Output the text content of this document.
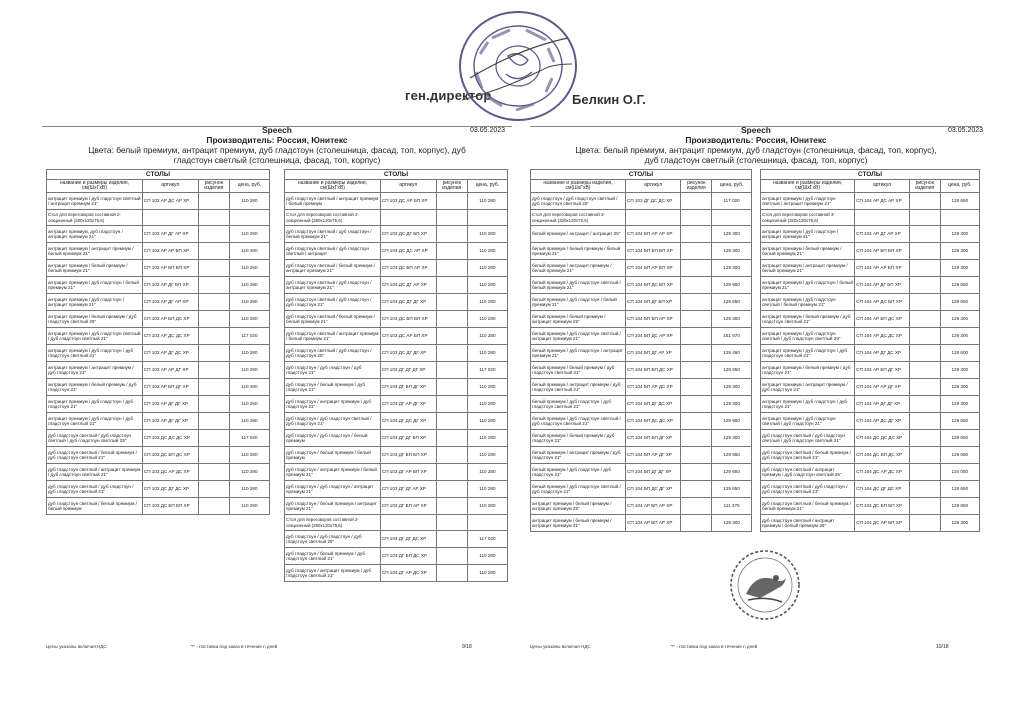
ген.директор	Белкин О.Г.
Speech
Производитель: Россия, Юнитекс
Цвета: белый премиум, антрацит премиум, дуб гладстоун (столешница, фасад, топ, корпус), дуб гладстоун светлый (столешница, фасад, топ, корпус)
03.05.2023
СТОЛЫ			
название и размеры изделия, см(ШхГхВ)	артикул	рисунок изделия	цена, руб.
антрацит премиум / дуб гладстоун светлый / антрацит премиум 21"	СП 103 АР ДС АР ХР		110 280
Стол для переговоров составной 2-секционный (280х120х75,6)			
антрацит премиум, дуб гладстоун / антрацит премиум 21"	СП 103 АР ДГ АР ХР		110 280
антрацит премиум / антрацит премиум / белый премиум 21"	СП 103 АР АР БП ХР		110 280
антрацит премиум / белый премиум / белый премиум 21"	СП 103 АР БП БП ХР		110 280
антрацит премиум / дуб гладстоун / белый премиум 21"	СП 103 АР ДГ БП ХР		110 280
антрацит премиум / дуб гладстоун / антрацит премиум 21"	СП 103 АР ДГ АР ХР		110 280
антрацит премиум / белый премиум / дуб гладстоун светлый 25"	СП 103 АР БП ДС ХР		110 280
антрацит премиум / дуб гладстоун светлый / дуб гладстоун светлый 21"	СП 103 АР ДС ДС ХР		117 020
антрацит премиум / дуб гладстоун / дуб гладстоун светлый 21"	СП 103 АР ДГ ДС ХР		110 280
антрацит премиум / антрацит премиум / дуб гладстоун 21"	СП 103 АР АР ДГ ХР		110 280
антрацит премиум / белый премиум / дуб гладстоун 21"	СП 103 АР БП ДГ ХР		110 280
антрацит премиум / дуб гладстоун / дуб гладстоун 21"	СП 103 АР ДГ ДГ ХР		110 280
антрацит премиум / дуб гладстоун / дуб гладстоун светлый 21"	СП 103 АР ДГ ДГ ХР		110 280
дуб гладстоун светлый / дуб гладстоун светлый / дуб гладстоун светлый 25"	СП 103 ДС ДС ДС ХР		117 020
дуб гладстоун светлый / белый премиум / дуб гладстоун светлый 21"	СП 103 ДС БП ДС ХР		110 280
дуб гладстоун светлый / антрацит премиум / дуб гладстоун светлый 21"	СП 103 ДС АР ДС ХР		110 280
дуб гладстоун светлый / дуб гладстоун / дуб гладстоун светлый 21"	СП 103 ДС ДГ ДС ХР		110 280
дуб гладстоун светлый / белый премиум / белый премиум	СП 103 ДС БП БП ХР		110 280
СТОЛЫ			
название и размеры изделия, см(ШхГхВ)	артикул	рисунок изделия	цена, руб.
дуб гладстоун светлый / антрацит премиум / белый премиум	СП 103 ДС АР БП ХР		110 280
Стол для переговоров составной 2-секционный (280х120х75,6)			
дуб гладстоун светлый / дуб гладстоун / белый премиум 21"	СП 103 ДС ДГ БП ХР		110 280
дуб гладстоун светлый / дуб гладстоун светлый / антрацит	СП 103 ДС ДС АР ХР		110 280
дуб гладстоун светлый / белый премиум / антрацит премиум 21"	СП 103 ДС БП АР ХР		110 280
дуб гладстоун светлый / дуб гладстоун / антрацит премиум 21"	СП 103 ДС ДГ АР ХР		110 280
дуб гладстоун светлый / дуб гладстоун / дуб гладстоун 21"	СП 103 ДС ДГ ДГ ХР		110 280
дуб гладстоун светлый / белый премиум / белый премиум 21"	СП 103 ДС БП БП ХР		110 280
дуб гладстоун светлый / антрацит премиум / белый премиум 21"	СП 103 ДС АР БП ХР		110 280
дуб гладстоун светлый / дуб гладстоун / дуб гладстоун 25"	СП 103 ДС ДГ ДГ ХР		110 280
дуб гладстоун / дуб гладстоун / дуб гладстоун 21"	СП 103 ДГ ДГ ДГ ХР		117 020
дуб гладстоун / белый премиум / дуб гладстоун 21"	СП 103 ДГ БП ДГ ХР		110 280
дуб гладстоун / антрацит премиум / дуб гладстоун 21"	СП 103 ДГ АР ДГ ХР		110 280
дуб гладстоун / дуб гладстоун светлый / дуб гладстоун 21"	СП 103 ДГ ДС ДГ ХР		110 280
дуб гладстоун / дуб гладстоун / белый премиум	СП 103 ДГ ДГ БП ХР		110 280
дуб гладстоун / белый премиум / белый премиум	СП 103 ДГ БП БП ХР		110 280
дуб гладстоун / антрацит премиум / белый премиум 21"	СП 103 ДГ АР БП ХР		110 280
дуб гладстоун / дуб гладстоун / антрацит премиум 21"	СП 103 ДГ ДГ АР ХР		110 280
дуб гладстоун / белый премиум / антрацит премиум 21"	СП 103 ДГ БП АР ХР		110 280
Стол для переговоров составной 2-секционный (280х120х75,6)			
дуб гладстоун / дуб гладстоун / дуб гладстоун светлый 25"	СП 103 ДГ ДГ ДС ХР		117 020
дуб гладстоун / белый премиум / дуб гладстоун светлый 21"	СП 103 ДГ БП ДС ХР		110 280
дуб гладстоун / антрацит премиум / дуб гладстоун светлый 21"	СП 103 ДГ АР ДС ХР		110 280
Цены указаны включая НДС	"*" - поставка под заказ в течение n дней	9/18
Speech
Производитель: Россия, Юнитекс
Цвета: белый премиум, антрацит премиум, дуб гладстоун (столешница, фасад, топ, корпус), дуб гладстоун светлый (столешница, фасад, топ, корпус)
03.05.2023
СТОЛЫ			
название и размеры изделия, см(ШхГхВ)	артикул	рисунок изделия	цена, руб.
дуб гладстоун / дуб гладстоун светлый / дуб гладстоун светлый 25"	СП 103 ДГ ДС ДС ХР		117 020
Стол для переговоров составной 3-секционный (320х120х75,6)			
белый премиум / антрацит / антрацит 25"	СП 104 БП АР АР ХР		129 300
белый премиум / белый премиум / белый премиум 21"	СП 104 БП БП БП ХР		129 300
белый премиум / антрацит премиум / белый премиум 21"	СП 104 БП АР БП ХР		129 300
белый премиум / дуб гладстоун светлый / белый премиум 21"	СП 104 БП ДС БП ХР		129 650
белый премиум / дуб гладстоун / белый премиум 21"	СП 104 БП ДГ БП ХР		129 650
белый премиум / белый премиум / антрацит премиум 25"	СП 104 БП БП АР ХР		129 300
белый премиум / дуб гладстоун светлый / антрацит премиум 21"	СП 104 БП ДС АР ХР		151 670
белый премиум / дуб гладстоун / антрацит премиум 21"	СП 104 БП ДГ АР ХР		129 490
белый премиум / белый премиум / дуб гладстоун светлый 21"	СП 104 БП БП ДС ХР		129 650
белый премиум / антрацит премиум / дуб гладстоун светлый 21"	СП 104 БП АР ДС ХР		129 300
белый премиум / дуб гладстоун / дуб гладстоун светлый 21"	СП 104 БП ДГ ДС ХР		129 300
белый премиум / дуб гладстоун светлый / дуб гладстоун светлый 21"	СП 104 БП ДС ДС ХР		129 650
белый премиум / белый премиум / дуб гладстоун 21"	СП 104 БП БП ДГ ХР		129 300
белый премиум / антрацит премиум / дуб гладстоун 21"	СП 104 БП АР ДГ ХР		129 650
белый премиум / дуб гладстоун / дуб гладстоун 21"	СП 104 БП ДГ ДГ ХР		129 650
белый премиум / дуб гладстоун светлый / дуб гладстоун 21"	СП 104 БП ДС ДГ ХР		129 650
антрацит премиум / белый премиум / антрацит премиум 25"	СП 104 АР БП АР ХР		111 370
антрацит премиум / белый премиум / антрацит премиум 21"	СП 104 АР БП АР ХР		129 300
СТОЛЫ			
название и размеры изделия, см(ШхГхВ)	артикул	рисунок изделия	цена, руб.
антрацит премиум / дуб гладстоун светлый / антрацит премиум 21"	СП 104 АР ДС АР ХР		129 650
Стол для переговоров составной 3-секционный (320х120х75,6)			
антрацит премиум / дуб гладстоун / антрацит премиум 21"	СП 104 АР ДГ АР ХР		129 300
антрацит премиум / белый премиум / белый премиум 21"	СП 104 АР БП БП ХР		129 300
антрацит премиум / антрацит премиум / белый премиум 21"	СП 104 АР АР БП ХР		129 300
антрацит премиум / дуб гладстоун / белый премиум 21"	СП 104 АР ДГ БП ХР		129 650
антрацит премиум / дуб гладстоун светлый / белый премиум 21"	СП 104 АР ДС БП ХР		129 650
антрацит премиум / белый премиум / дуб гладстоун светлый 21"	СП 104 АР БП ДС ХР		129 300
антрацит премиум / дуб гладстоун светлый / дуб гладстоун светлый 25"	СП 104 АР ДС ДС ХР		129 300
антрацит премиум / дуб гладстоун / дуб гладстоун светлый 21"	СП 104 АР ДГ ДС ХР		129 600
антрацит премиум / белый премиум / дуб гладстоун 21"	СП 104 АР БП ДГ ХР		129 300
антрацит премиум / антрацит премиум / дуб гладстоун 21"	СП 104 АР АР ДГ ХР		129 300
антрацит премиум / дуб гладстоун / дуб гладстоун 21"	СП 104 АР ДГ ДГ ХР		129 300
антрацит премиум / дуб гладстоун светлый / дуб гладстоун 21"	СП 104 АР ДС ДГ ХР		129 650
дуб гладстоун светлый / дуб гладстоун светлый / дуб гладстоун светлый 21"	СП 104 ДС ДС ДС ХР		129 650
дуб гладстоун светлый / белый премиум / дуб гладстоун светлый 21"	СП 104 ДС БП ДС ХР		129 650
дуб гладстоун светлый / антрацит премиум / дуб гладстоун светлый 25"	СП 104 ДС АР ДС ХР		134 050
дуб гладстоун светлый / дуб гладстоун / дуб гладстоун светлый 21"	СП 104 ДС ДГ ДС ХР		129 650
дуб гладстоун светлый / белый премиум / белый премиум 21"	СП 104 ДС БП БП ХР		129 650
дуб гладстоун светлый / антрацит премиум / белый премиум 25"	СП 104 ДС АР БП ХР		129 300
Цены указаны включая НДС	"*" - поставка под заказ в течение n дней	10/18
